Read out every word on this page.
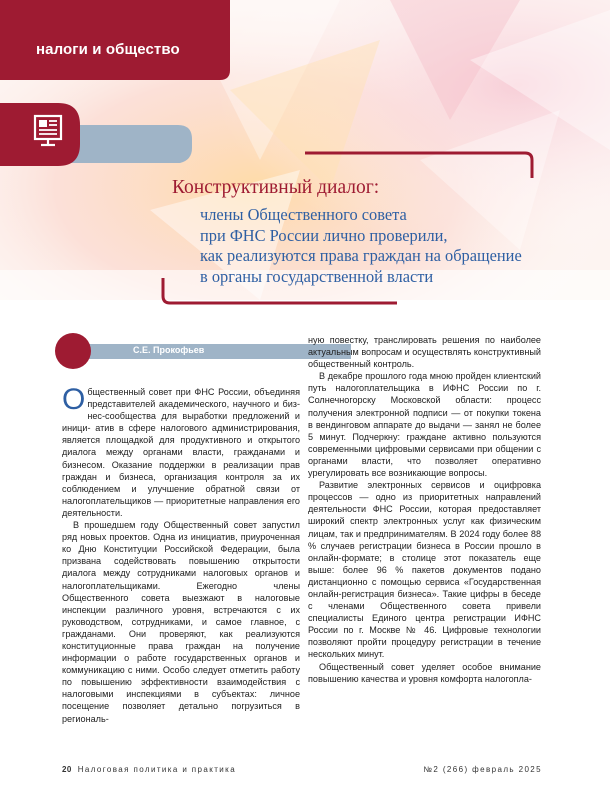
налоги и общество
Конструктивный диалог:
члены Общественного совета
при ФНС России лично проверили,
как реализуются права граждан на обращение
в органы государственной власти
С.Е. Прокофьев

Общественный совет при ФНС России, объединяя представителей академического, научного и биз- нес-сообщества для выработки предложений и иници- атив в сфере налогового администрирования, является площадкой для продуктивного и открытого диалога между органами власти, гражданами и бизнесом. Оказание поддержки в реализации прав граждан и бизнеса, организация контроля за их соблюдением и улучшение обратной связи от налогоплательщиков — приоритетные направления его деятельности.

В прошедшем году Общественный совет запустил ряд новых проектов. Одна из инициатив, приуроченная ко Дню Конституции Российской Федерации, была призвана содействовать повышению открытости диалога между сотрудниками налоговых органов и налогоплательщиками. Ежегодно члены Общественного совета выезжают в налоговые инспекции различного уровня, встречаются с их руководством, сотрудниками, и самое главное, с гражданами. Они проверяют, как реализуются конституционные права граждан на получение информации о работе государственных органов и коммуникацию с ними. Особо следует отметить работу по повышению эффективности взаимодействия с налоговыми инспекциями в субъектах: личное посещение позволяет детально погрузиться в региональ-

ную повестку, транслировать решения по наиболее актуальным вопросам и осуществлять конструктивный общественный контроль.

В декабре прошлого года мною пройден клиентский путь налогоплательщика в ИФНС России по г. Солнечногорску Московской области: процесс получения электронной подписи — от покупки токена в вендинговом аппарате до выдачи — занял не более 5 минут. Подчеркну: граждане активно пользуются современными цифровыми сервисами при общении с органами власти, что позволяет оперативно урегулировать все возникающие вопросы.

Развитие электронных сервисов и оцифровка процессов — одно из приоритетных направлений деятельности ФНС России, которая предоставляет широкий спектр электронных услуг как физическим лицам, так и предпринимателям. В 2024 году более 88 % случаев регистрации бизнеса в России прошло в онлайн-формате; в столице этот показатель еще выше: более 96 % пакетов документов подано дистанционно с помощью сервиса «Государственная онлайн-регистрация бизнеса». Такие цифры в беседе с членами Общественного совета привели специалисты Единого центра регистрации ИФНС России по г. Москве № 46. Цифровые технологии позволяют пройти процедуру регистрации в течение нескольких минут.

Общественный совет уделяет особое внимание повышению качества и уровня комфорта налогопла-

20 Налоговая политика и практика	№2 (266) февраль 2025
